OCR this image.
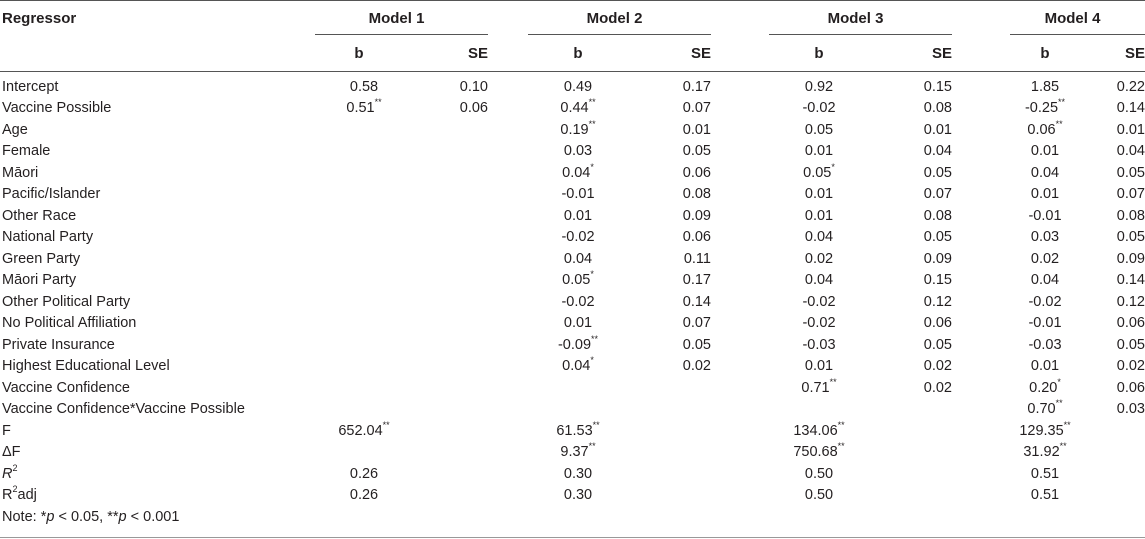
Regressor	Model 1			Model 2			Model 3			Model 4	

	b	SE		b	SE		b	SE		b	SE
Intercept	0.58	0.10		0.49	0.17		0.92	0.15		1.85	0.22
Vaccine Possible	0.51**	0.06		0.44**	0.07		-0.02	0.08		-0.25**	0.14
Age				0.19**	0.01		0.05	0.01		0.06**	0.01
Female				0.03	0.05		0.01	0.04		0.01	0.04
Māori				0.04*	0.06		0.05*	0.05		0.04	0.05
Pacific/Islander				-0.01	0.08		0.01	0.07		0.01	0.07
Other Race				0.01	0.09		0.01	0.08		-0.01	0.08
National Party				-0.02	0.06		0.04	0.05		0.03	0.05
Green Party				0.04	0.11		0.02	0.09		0.02	0.09
Māori Party				0.05*	0.17		0.04	0.15		0.04	0.14
Other Political Party				-0.02	0.14		-0.02	0.12		-0.02	0.12
No Political Affiliation				0.01	0.07		-0.02	0.06		-0.01	0.06
Private Insurance				-0.09**	0.05		-0.03	0.05		-0.03	0.05
Highest Educational Level				0.04*	0.02		0.01	0.02		0.01	0.02
Vaccine Confidence							0.71**	0.02		0.20*	0.06
Vaccine Confidence*Vaccine Possible										0.70**	0.03
F	652.04**			61.53**			134.06**			129.35**	
ΔF				9.37**			750.68**			31.92**	
$R^2$	0.26			0.30			0.50			0.51	
$R^2adj$	0.26			0.30			0.50			0.51	
Note: *p < 0.05, **p < 0.001
